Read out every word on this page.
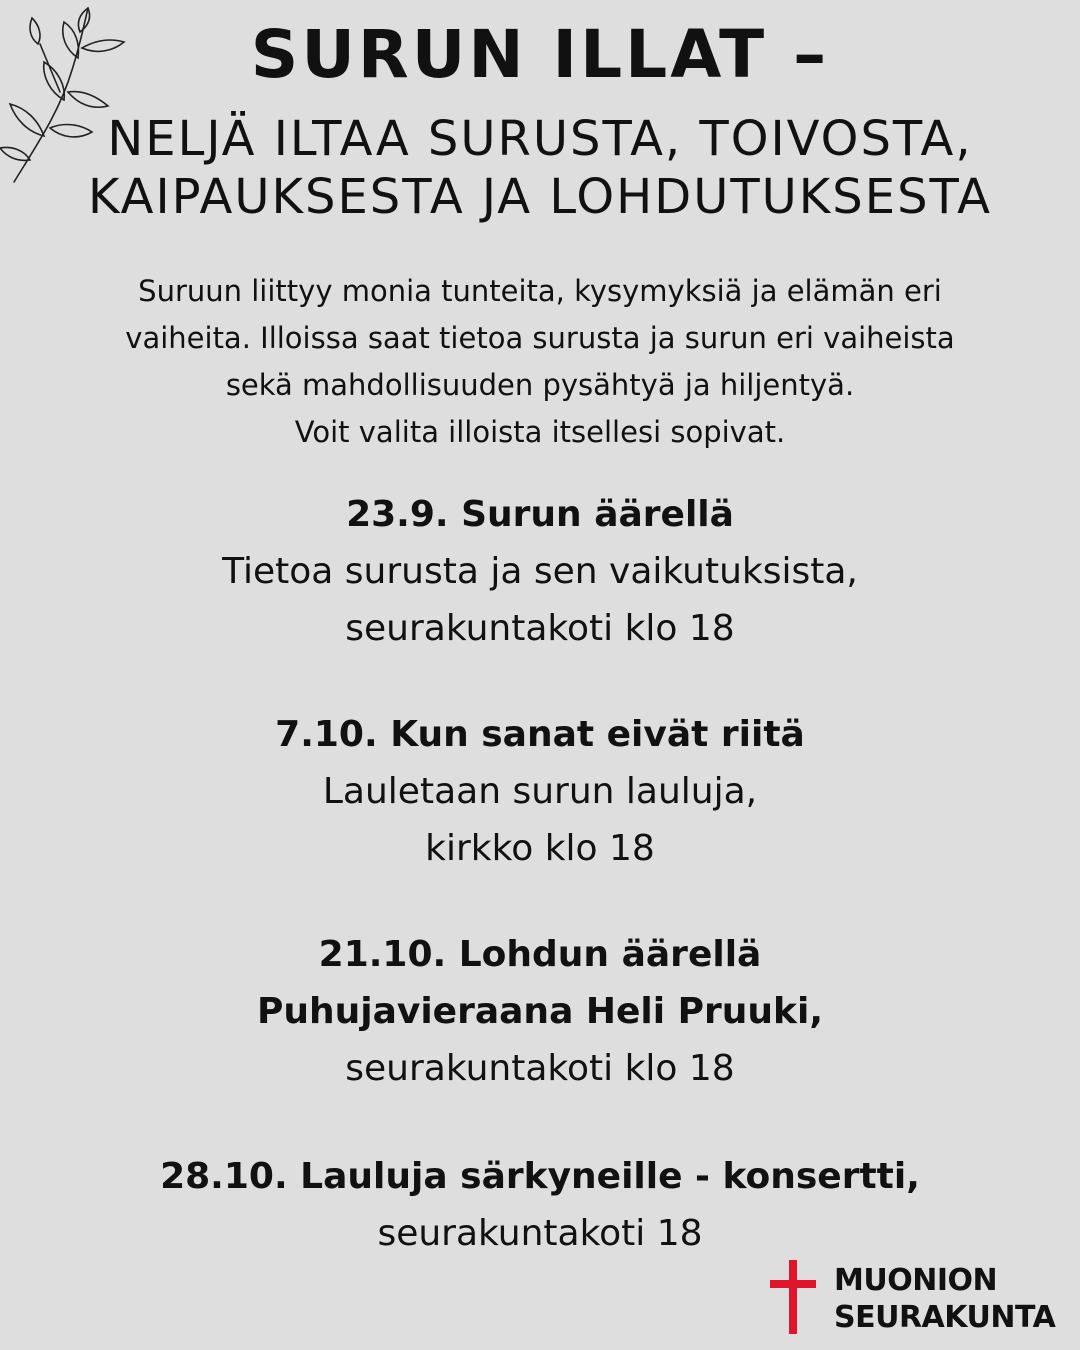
SURUN ILLAT –
NELJÄ ILTAA SURUSTA, TOIVOSTA,
KAIPAUKSESTA JA LOHDUTUKSESTA
Suruun liittyy monia tunteita, kysymyksiä ja elämän eri
vaiheita. Illoissa saat tietoa surusta ja surun eri vaiheista
sekä mahdollisuuden pysähtyä ja hiljentyä.
Voit valita illoista itsellesi sopivat.
23.9. Surun äärellä
Tietoa surusta ja sen vaikutuksista,
seurakuntakoti klo 18
7.10. Kun sanat eivät riitä
Lauletaan surun lauluja,
kirkko klo 18
21.10. Lohdun äärellä
Puhujavieraana Heli Pruuki,
seurakuntakoti klo 18
28.10. Lauluja särkyneille - konsertti,
seurakuntakoti 18
MUONION
SEURAKUNTA
